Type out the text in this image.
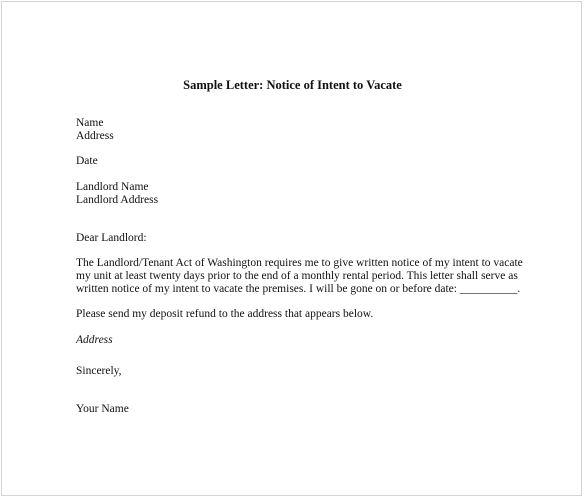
Sample Letter: Notice of Intent to Vacate
Name
Address
Date
Landlord Name
Landlord Address
Dear Landlord:
The Landlord/Tenant Act of Washington requires me to give written notice of my intent to vacate
my unit at least twenty days prior to the end of a monthly rental period. This letter shall serve as
written notice of my intent to vacate the premises. I will be gone on or before date: __________.
Please send my deposit refund to the address that appears below.
Address
Sincerely,
Your Name
